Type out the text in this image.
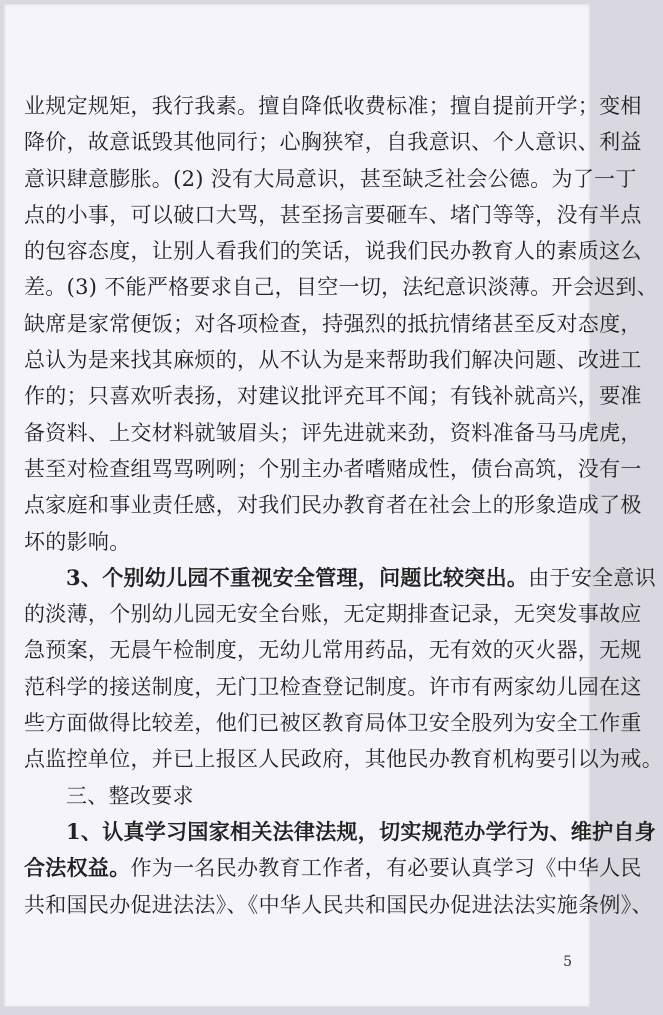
业规定规矩，我行我素。擅自降低收费标准；擅自提前开学；变相
降价，故意诋毁其他同行；心胸狭窄，自我意识、个人意识、利益
意识肆意膨胀。(2) 没有大局意识，甚至缺乏社会公德。为了一丁
点的小事，可以破口大骂，甚至扬言要砸车、堵门等等，没有半点
的包容态度，让别人看我们的笑话，说我们民办教育人的素质这么
差。(3) 不能严格要求自己，目空一切，法纪意识淡薄。开会迟到、
缺席是家常便饭；对各项检查，持强烈的抵抗情绪甚至反对态度，
总认为是来找其麻烦的，从不认为是来帮助我们解决问题、改进工
作的；只喜欢听表扬，对建议批评充耳不闻；有钱补就高兴，要准
备资料、上交材料就皱眉头；评先进就来劲，资料准备马马虎虎，
甚至对检查组骂骂咧咧；个别主办者嗜赌成性，债台高筑，没有一
点家庭和事业责任感，对我们民办教育者在社会上的形象造成了极
坏的影响。
3、个别幼儿园不重视安全管理，问题比较突出。由于安全意识
的淡薄，个别幼儿园无安全台账，无定期排查记录，无突发事故应
急预案，无晨午检制度，无幼儿常用药品，无有效的灭火器，无规
范科学的接送制度，无门卫检查登记制度。许市有两家幼儿园在这
些方面做得比较差，他们已被区教育局体卫安全股列为安全工作重
点监控单位，并已上报区人民政府，其他民办教育机构要引以为戒。
三、整改要求
1、认真学习国家相关法律法规，切实规范办学行为、维护自身
合法权益。作为一名民办教育工作者，有必要认真学习《中华人民
共和国民办促进法法》、《中华人民共和国民办促进法法实施条例》、
5
